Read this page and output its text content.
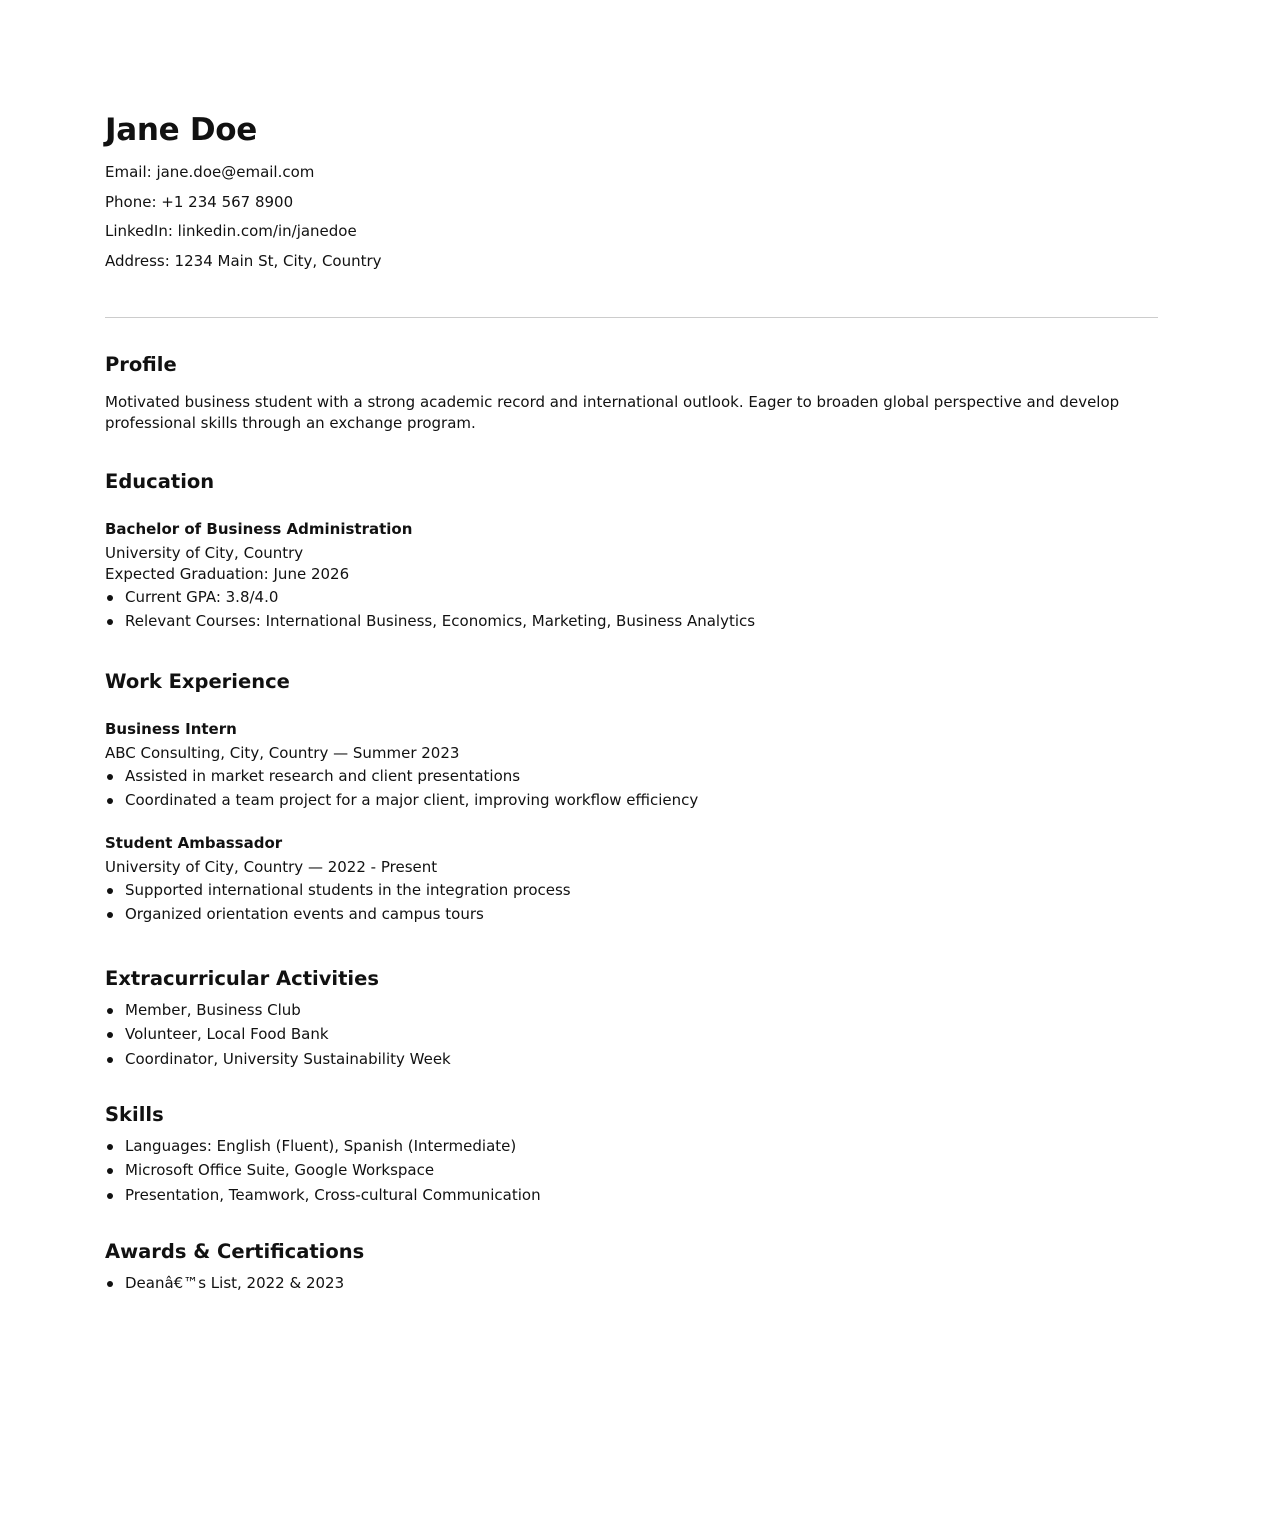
Jane Doe

Email: jane.doe@email.com

Phone: +1 234 567 8900

LinkedIn: linkedin.com/in/janedoe

Address: 1234 Main St, City, Country

Profile

Motivated business student with a strong academic record and international outlook. Eager to broaden global perspective and develop professional skills through an exchange program.

Education
Bachelor of Business Administration
University of City, Country
Expected Graduation: June 2026
Current GPA: 3.8/4.0
Relevant Courses: International Business, Economics, Marketing, Business Analytics
Work Experience
Business Intern
ABC Consulting, City, Country — Summer 2023
Assisted in market research and client presentations
Coordinated a team project for a major client, improving workflow efficiency
Student Ambassador
University of City, Country — 2022 - Present
Supported international students in the integration process
Organized orientation events and campus tours
Extracurricular Activities
Member, Business Club
Volunteer, Local Food Bank
Coordinator, University Sustainability Week
Skills
Languages: English (Fluent), Spanish (Intermediate)
Microsoft Office Suite, Google Workspace
Presentation, Teamwork, Cross-cultural Communication
Awards & Certifications
Deanâ€™s List, 2022 & 2023
